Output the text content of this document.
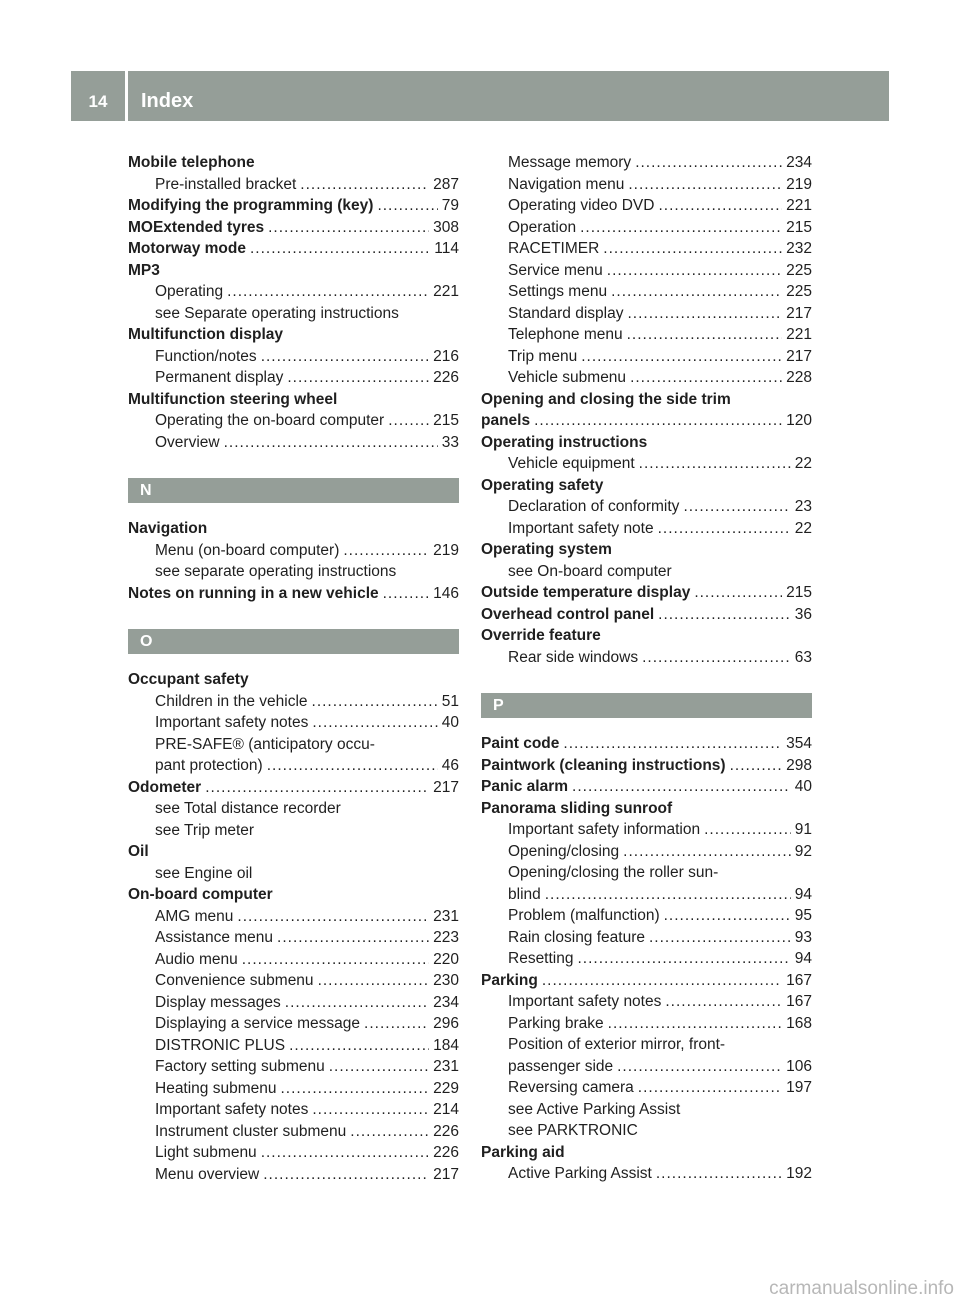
14	Index
Mobile telephone
Pre-installed bracket .....	287
Modifying the programming (key) .....	79
MOExtended tyres .....	308
Motorway mode .....	114
MP3
Operating .....	221
see Separate operating instructions
Multifunction display
Function/notes .....	216
Permanent display .....	226
Multifunction steering wheel
Operating the on-board computer .....	215
Overview .....	33
N
Navigation
Menu (on-board computer) .....	219
see separate operating instructions
Notes on running in a new vehicle .....	146
O
Occupant safety
Children in the vehicle .....	51
Important safety notes .....	40
PRE-SAFE® (anticipatory occu-
pant protection) .....	46
Odometer .....	217
see Total distance recorder
see Trip meter
Oil
see Engine oil
On-board computer
AMG menu .....	231
Assistance menu .....	223
Audio menu .....	220
Convenience submenu .....	230
Display messages .....	234
Displaying a service message .....	296
DISTRONIC PLUS .....	184
Factory setting submenu .....	231
Heating submenu .....	229
Important safety notes .....	214
Instrument cluster submenu .....	226
Light submenu .....	226
Menu overview .....	217
Message memory .....	234
Navigation menu .....	219
Operating video DVD .....	221
Operation .....	215
RACETIMER .....	232
Service menu .....	225
Settings menu .....	225
Standard display .....	217
Telephone menu .....	221
Trip menu .....	217
Vehicle submenu .....	228
Opening and closing the side trim
panels .....	120
Operating instructions
Vehicle equipment .....	22
Operating safety
Declaration of conformity .....	23
Important safety note .....	22
Operating system
see On-board computer
Outside temperature display .....	215
Overhead control panel .....	36
Override feature
Rear side windows .....	63
P
Paint code .....	354
Paintwork (cleaning instructions) .....	298
Panic alarm .....	40
Panorama sliding sunroof
Important safety information .....	91
Opening/closing .....	92
Opening/closing the roller sun-
blind .....	94
Problem (malfunction) .....	95
Rain closing feature .....	93
Resetting .....	94
Parking .....	167
Important safety notes .....	167
Parking brake .....	168
Position of exterior mirror, front-
passenger side .....	106
Reversing camera .....	197
see Active Parking Assist
see PARKTRONIC
Parking aid
Active Parking Assist .....	192
carmanualsonline.info
